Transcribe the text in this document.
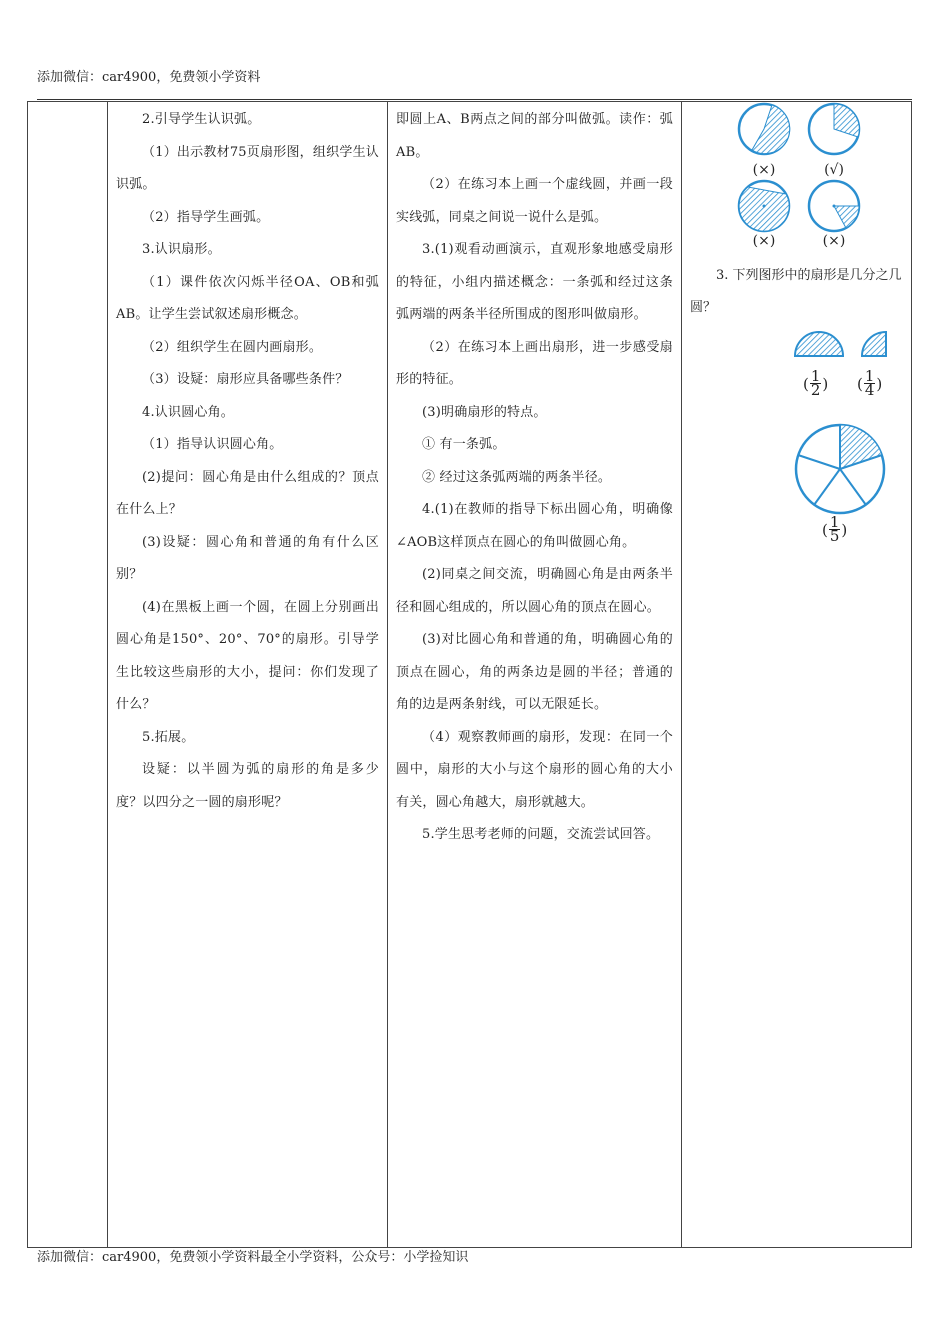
添加微信：car4900，免费领小学资料

2.引导学生认识弧。

（1）出示教材75页扇形图，组织学生认识弧。

（2）指导学生画弧。

3.认识扇形。

（1）课件依次闪烁半径OA、OB和弧AB。让学生尝试叙述扇形概念。

（2）组织学生在圆内画扇形。

（3）设疑：扇形应具备哪些条件？

4.认识圆心角。

（1）指导认识圆心角。

(2)提问：圆心角是由什么组成的？顶点在什么上？

(3)设疑：圆心角和普通的角有什么区别？

(4)在黑板上画一个圆，在圆上分别画出圆心角是150°、20°、70°的扇形。引导学生比较这些扇形的大小，提问：你们发现了什么？

5.拓展。

设疑：以半圆为弧的扇形的角是多少度？以四分之一圆的扇形呢？

即圆上A、B两点之间的部分叫做弧。读作：弧AB。

（2）在练习本上画一个虚线圆，并画一段实线弧，同桌之间说一说什么是弧。

3.(1)观看动画演示，直观形象地感受扇形的特征，小组内描述概念：一条弧和经过这条弧两端的两条半径所围成的图形叫做扇形。

（2）在练习本上画出扇形，进一步感受扇形的特征。

(3)明确扇形的特点。

① 有一条弧。

② 经过这条弧两端的两条半径。

4.(1)在教师的指导下标出圆心角，明确像∠AOB这样顶点在圆心的角叫做圆心角。

(2)同桌之间交流，明确圆心角是由两条半径和圆心组成的，所以圆心角的顶点在圆心。

(3)对比圆心角和普通的角，明确圆心角的顶点在圆心，角的两条边是圆的半径；普通的角的边是两条射线，可以无限延长。

（4）观察教师画的扇形，发现：在同一个圆中，扇形的大小与这个扇形的圆心角的大小有关，圆心角越大，扇形就越大。

5.学生思考老师的问题，交流尝试回答。

(×)	(√)
(×)	(×)
3. 下列图形中的扇形是几分之几圆？
( $\frac{1}{2}$ ) ( $\frac{1}{4}$ )
( $\frac{1}{5}$ )
添加微信：car4900，免费领小学资料最全小学资料，公众号：小学捡知识
